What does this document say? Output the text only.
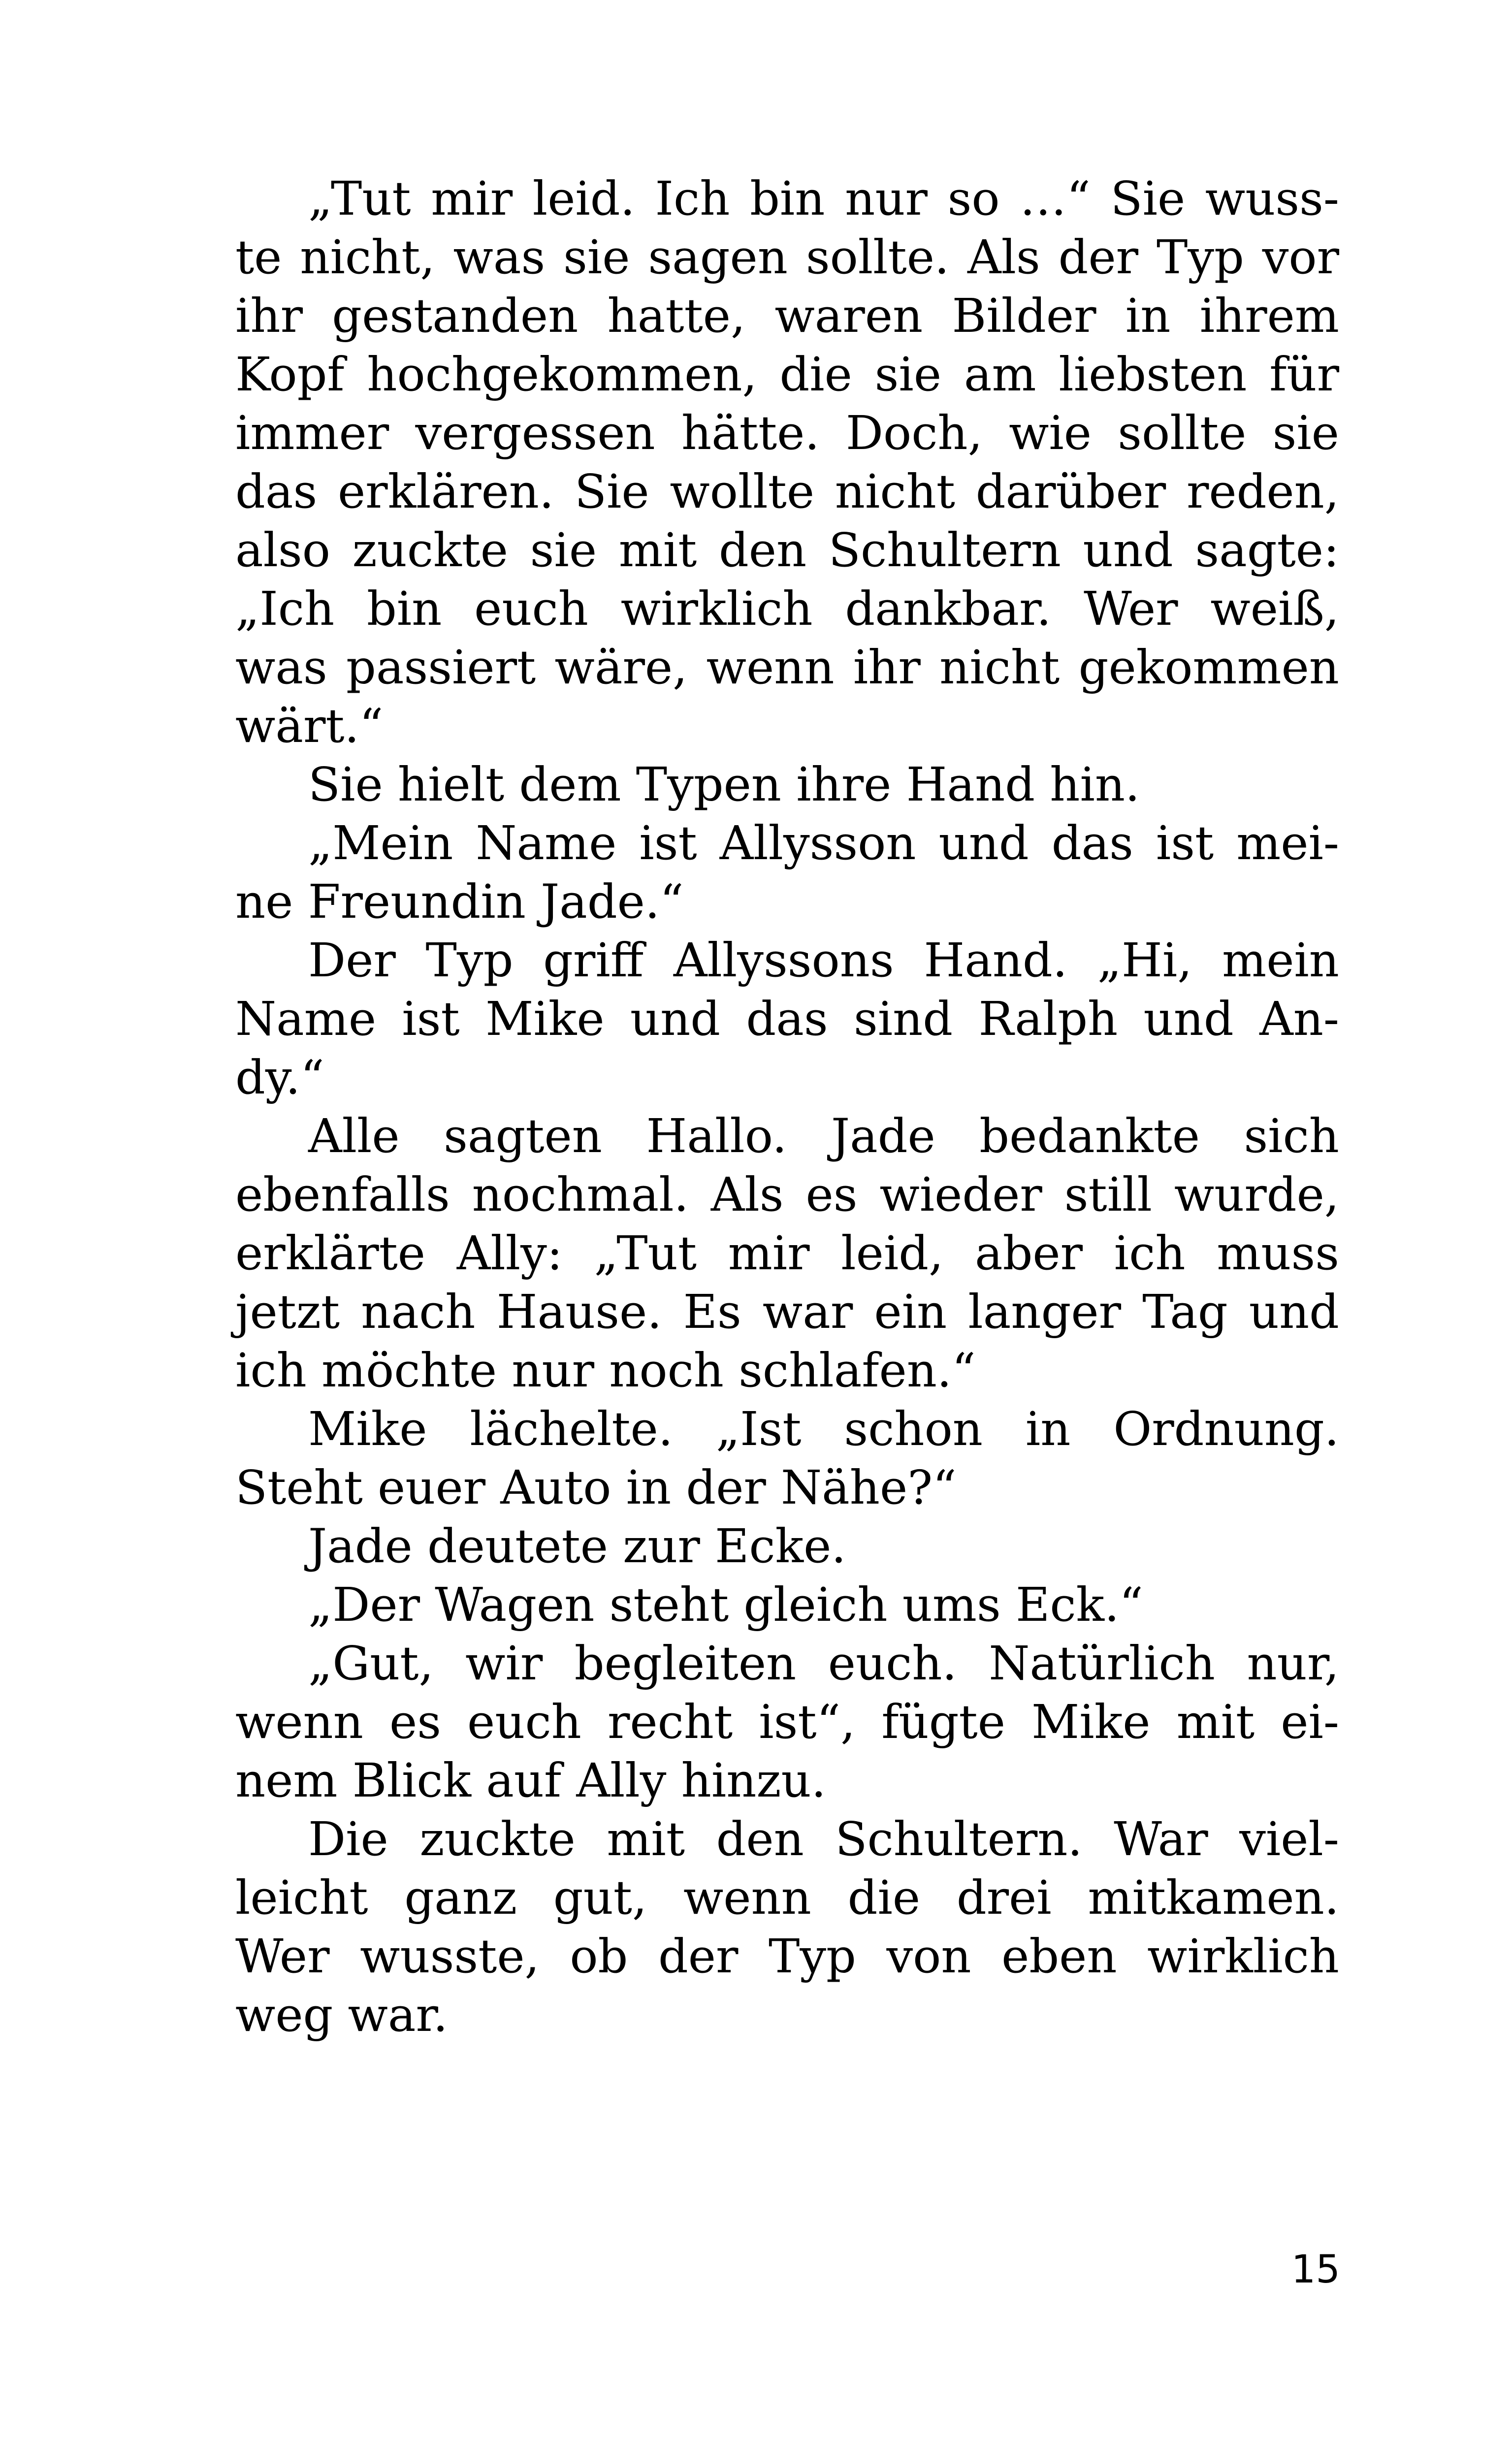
„Tut mir leid. Ich bin nur so …“ Sie wuss-
te nicht, was sie sagen sollte. Als der Typ vor
ihr gestanden hatte, waren Bilder in ihrem
Kopf hochgekommen, die sie am liebsten für
immer vergessen hätte. Doch, wie sollte sie
das erklären. Sie wollte nicht darüber reden,
also zuckte sie mit den Schultern und sagte:
„Ich bin euch wirklich dankbar. Wer weiß,
was passiert wäre, wenn ihr nicht gekommen
wärt.“
Sie hielt dem Typen ihre Hand hin.
„Mein Name ist Allysson und das ist mei-
ne Freundin Jade.“
Der Typ griff Allyssons Hand. „Hi, mein
Name ist Mike und das sind Ralph und An-
dy.“
Alle sagten Hallo. Jade bedankte sich
ebenfalls nochmal. Als es wieder still wurde,
erklärte Ally: „Tut mir leid, aber ich muss
jetzt nach Hause. Es war ein langer Tag und
ich möchte nur noch schlafen.“
Mike lächelte. „Ist schon in Ordnung.
Steht euer Auto in der Nähe?“
Jade deutete zur Ecke.
„Der Wagen steht gleich ums Eck.“
„Gut, wir begleiten euch. Natürlich nur,
wenn es euch recht ist“, fügte Mike mit ei-
nem Blick auf Ally hinzu.
Die zuckte mit den Schultern. War viel-
leicht ganz gut, wenn die drei mitkamen.
Wer wusste, ob der Typ von eben wirklich
weg war.
15
